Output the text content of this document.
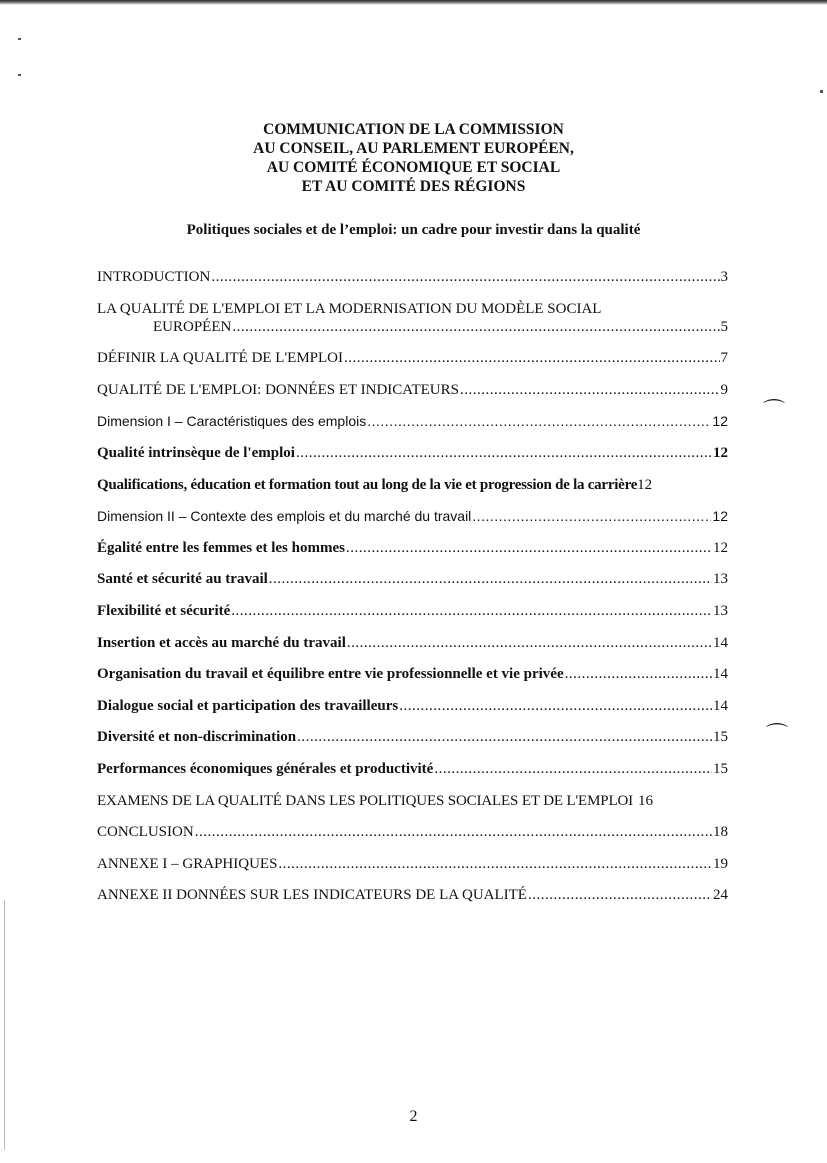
⌒
⌒
COMMUNICATION DE LA COMMISSION
AU CONSEIL, AU PARLEMENT EUROPÉEN,
AU COMITÉ ÉCONOMIQUE ET SOCIAL
ET AU COMITÉ DES RÉGIONS
Politiques sociales et de l’emploi: un cadre pour investir dans la qualité
INTRODUCTION .....	3
LA QUALITÉ DE L'EMPLOI ET LA MODERNISATION DU MODÈLE SOCIAL
EUROPÉEN .....	5
DÉFINIR LA QUALITÉ DE L'EMPLOI .....	7
QUALITÉ DE L'EMPLOI: DONNÉES ET INDICATEURS .....	9
Dimension I – Caractéristiques des emplois .....	12
Qualité intrinsèque de l'emploi .....	12
Qualifications, éducation et formation tout au long de la vie et progression de la carrière 12
Dimension II – Contexte des emplois et du marché du travail .....	12
Égalité entre les femmes et les hommes .....	12
Santé et sécurité au travail .....	13
Flexibilité et sécurité .....	13
Insertion et accès au marché du travail .....	14
Organisation du travail et équilibre entre vie professionnelle et vie privée .....	14
Dialogue social et participation des travailleurs .....	14
Diversité et non-discrimination .....	15
Performances économiques générales et productivité .....	15
EXAMENS DE LA QUALITÉ DANS LES POLITIQUES SOCIALES ET DE L'EMPLOI 16
CONCLUSION .....	18
ANNEXE I – GRAPHIQUES .....	19
ANNEXE II DONNÉES SUR LES INDICATEURS DE LA QUALITÉ .....	24
2
